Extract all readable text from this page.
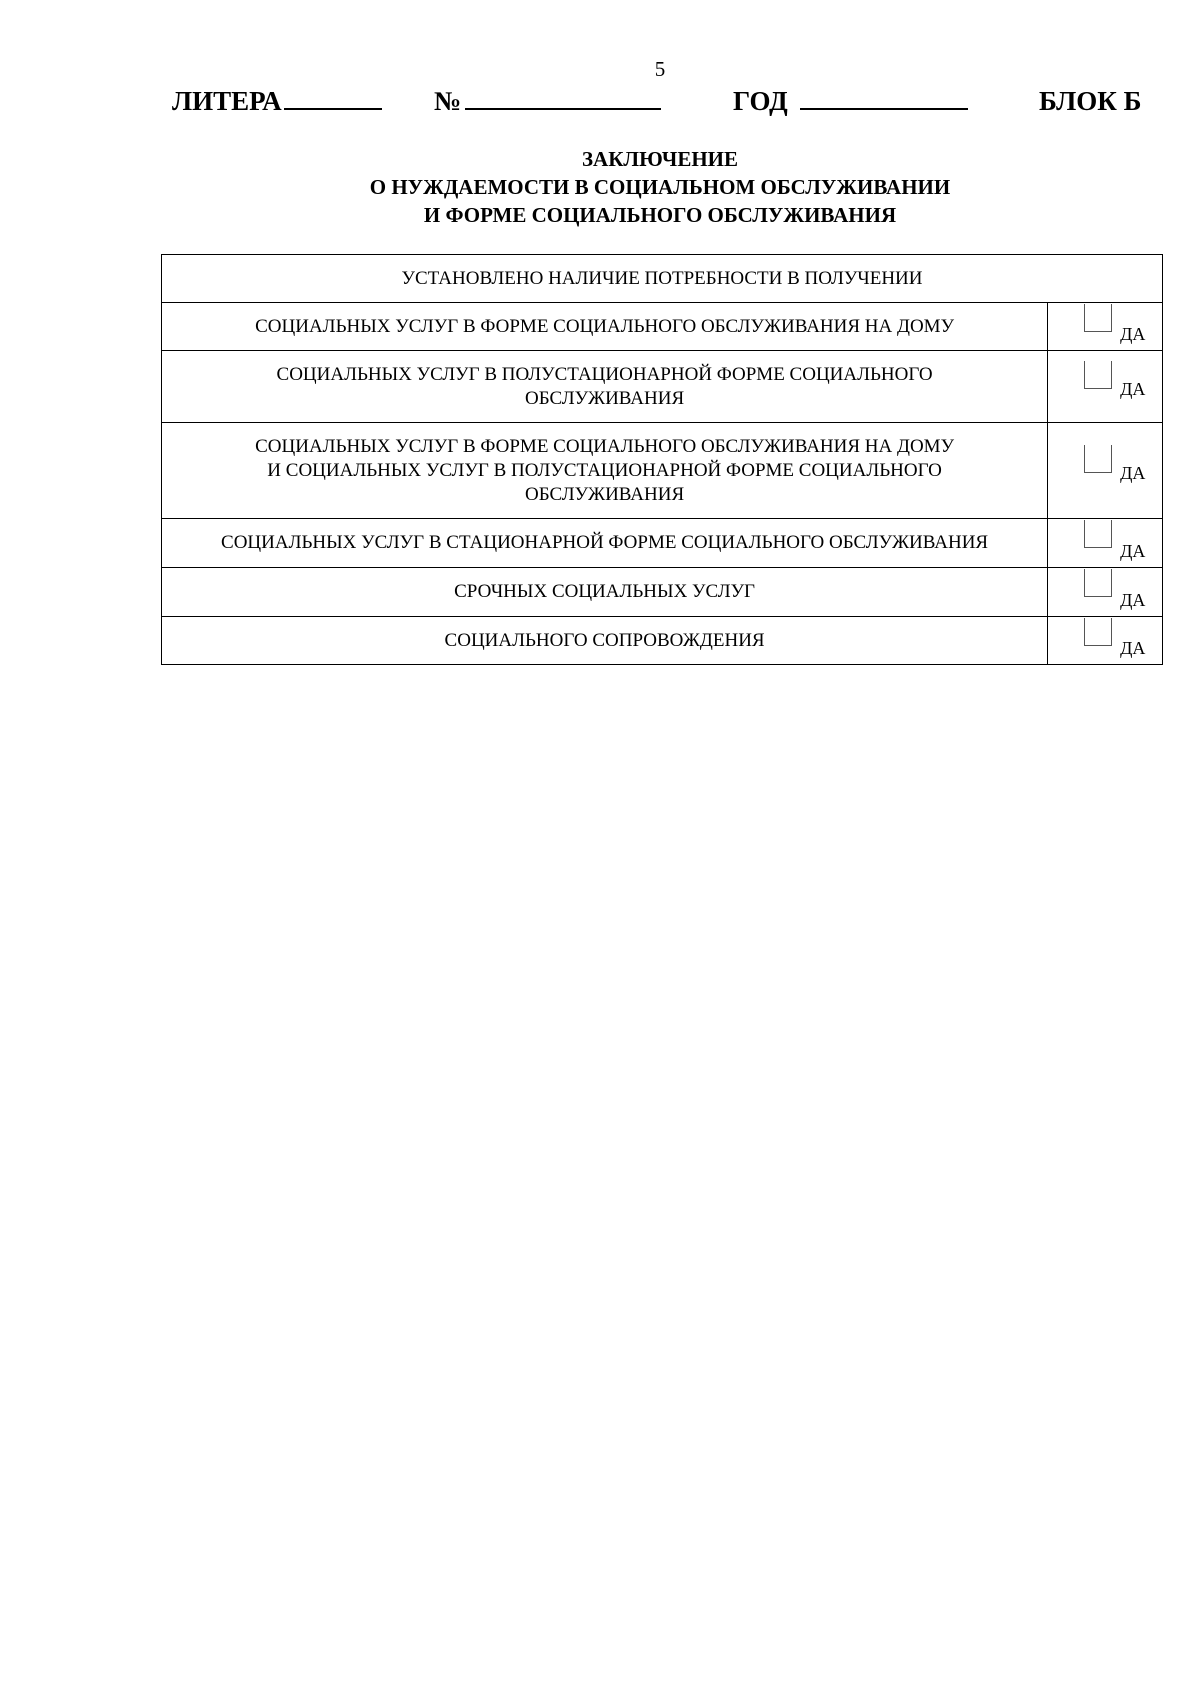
5
ЛИТЕРА	№	ГОД	БЛОК Б
ЗАКЛЮЧЕНИЕ
О НУЖДАЕМОСТИ В СОЦИАЛЬНОМ ОБСЛУЖИВАНИИ
И ФОРМЕ СОЦИАЛЬНОГО ОБСЛУЖИВАНИЯ
УСТАНОВЛЕНО НАЛИЧИЕ ПОТРЕБНОСТИ В ПОЛУЧЕНИИ	

СОЦИАЛЬНЫХ УСЛУГ В ФОРМЕ СОЦИАЛЬНОГО ОБСЛУЖИВАНИЯ НА ДОМУ	ДА

СОЦИАЛЬНЫХ УСЛУГ В ПОЛУСТАЦИОНАРНОЙ ФОРМЕ СОЦИАЛЬНОГО
ОБСЛУЖИВАНИЯ	ДА

СОЦИАЛЬНЫХ УСЛУГ В ФОРМЕ СОЦИАЛЬНОГО ОБСЛУЖИВАНИЯ НА ДОМУ
И СОЦИАЛЬНЫХ УСЛУГ В ПОЛУСТАЦИОНАРНОЙ ФОРМЕ СОЦИАЛЬНОГО
ОБСЛУЖИВАНИЯ	ДА

СОЦИАЛЬНЫХ УСЛУГ В СТАЦИОНАРНОЙ ФОРМЕ СОЦИАЛЬНОГО ОБСЛУЖИВАНИЯ	ДА

СРОЧНЫХ СОЦИАЛЬНЫХ УСЛУГ	ДА

СОЦИАЛЬНОГО СОПРОВОЖДЕНИЯ	ДА
